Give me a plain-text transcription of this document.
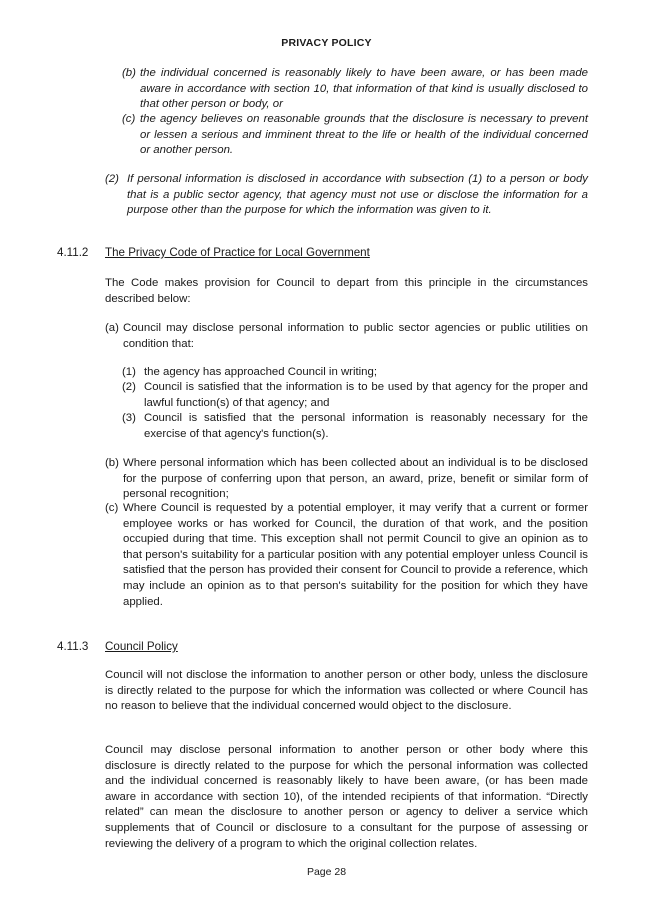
PRIVACY POLICY
(b) the individual concerned is reasonably likely to have been aware, or has been made aware in accordance with section 10, that information of that kind is usually disclosed to that other person or body, or
(c) the agency believes on reasonable grounds that the disclosure is necessary to prevent or lessen a serious and imminent threat to the life or health of the individual concerned or another person.
(2) If personal information is disclosed in accordance with subsection (1) to a person or body that is a public sector agency, that agency must not use or disclose the information for a purpose other than the purpose for which the information was given to it.
4.11.2 The Privacy Code of Practice for Local Government
The Code makes provision for Council to depart from this principle in the circumstances described below:
(a) Council may disclose personal information to public sector agencies or public utilities on condition that:
(1) the agency has approached Council in writing;
(2) Council is satisfied that the information is to be used by that agency for the proper and lawful function(s) of that agency; and
(3) Council is satisfied that the personal information is reasonably necessary for the exercise of that agency's function(s).
(b) Where personal information which has been collected about an individual is to be disclosed for the purpose of conferring upon that person, an award, prize, benefit or similar form of personal recognition;
(c) Where Council is requested by a potential employer, it may verify that a current or former employee works or has worked for Council, the duration of that work, and the position occupied during that time. This exception shall not permit Council to give an opinion as to that person's suitability for a particular position with any potential employer unless Council is satisfied that the person has provided their consent for Council to provide a reference, which may include an opinion as to that person's suitability for the position for which they have applied.
4.11.3 Council Policy
Council will not disclose the information to another person or other body, unless the disclosure is directly related to the purpose for which the information was collected or where Council has no reason to believe that the individual concerned would object to the disclosure.
Council may disclose personal information to another person or other body where this disclosure is directly related to the purpose for which the personal information was collected and the individual concerned is reasonably likely to have been aware, (or has been made aware in accordance with section 10), of the intended recipients of that information. “Directly related” can mean the disclosure to another person or agency to deliver a service which supplements that of Council or disclosure to a consultant for the purpose of assessing or reviewing the delivery of a program to which the original collection relates.
Page 28
